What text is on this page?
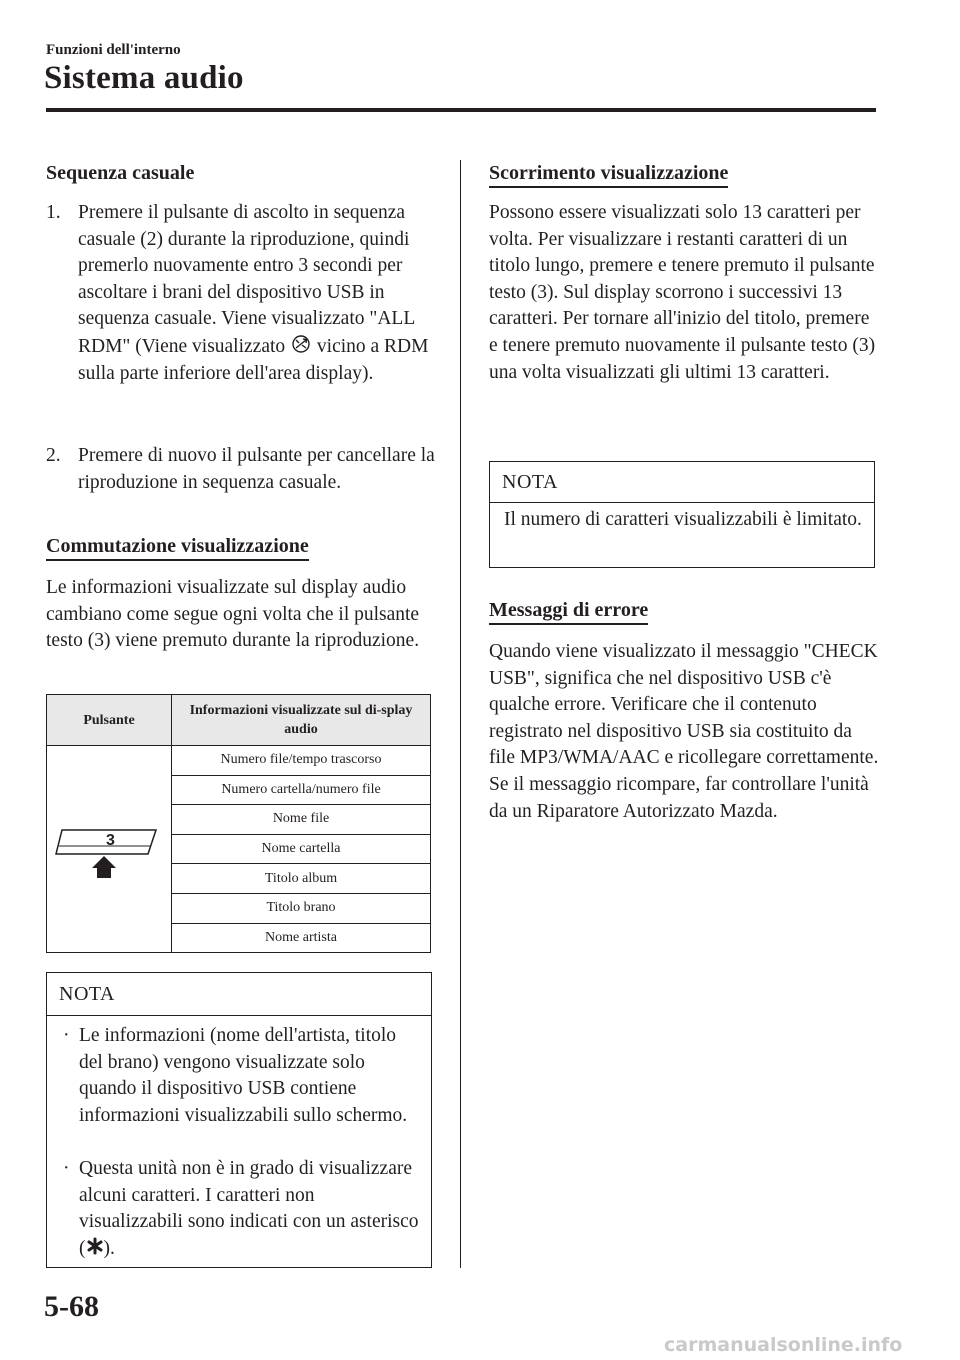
Funzioni dell'interno
Sistema audio
Sequenza casuale
1. Premere il pulsante di ascolto in sequenza casuale (2) durante la riproduzione, quindi premerlo nuovamente entro 3 secondi per ascoltare i brani del dispositivo USB in sequenza casuale. Viene visualizzato "ALL RDM" (Viene visualizzato  vicino a RDM sulla parte inferiore dell'area display).
2. Premere di nuovo il pulsante per cancellare la riproduzione in sequenza casuale.
Commutazione visualizzazione
Le informazioni visualizzate sul display audio cambiano come segue ogni volta che il pulsante testo (3) viene premuto durante la riproduzione.
Pulsante	Informazioni visualizzate sul di-splay audio

3	Numero file/tempo trascorso
	Numero cartella/numero file
	Nome file
	Nome cartella
	Titolo album
	Titolo brano
	Nome artista
NOTA
· Le informazioni (nome dell'artista, titolo del brano) vengono visualizzate solo quando il dispositivo USB contiene informazioni visualizzabili sullo schermo.
· Questa unità non è in grado di visualizzare alcuni caratteri. I caratteri non visualizzabili sono indicati con un asterisco ( ).
Scorrimento visualizzazione
Possono essere visualizzati solo 13 caratteri per volta. Per visualizzare i restanti caratteri di un titolo lungo, premere e tenere premuto il pulsante testo (3). Sul display scorrono i successivi 13 caratteri. Per tornare all'inizio del titolo, premere e tenere premuto nuovamente il pulsante testo (3) una volta visualizzati gli ultimi 13 caratteri.
NOTA
Il numero di caratteri visualizzabili è limitato.
Messaggi di errore
Quando viene visualizzato il messaggio "CHECK USB", significa che nel dispositivo USB c'è qualche errore. Verificare che il contenuto registrato nel dispositivo USB sia costituito da file MP3/WMA/AAC e ricollegare correttamente. Se il messaggio ricompare, far controllare l'unità da un Riparatore Autorizzato Mazda.
5-68
carmanualsonline.info
